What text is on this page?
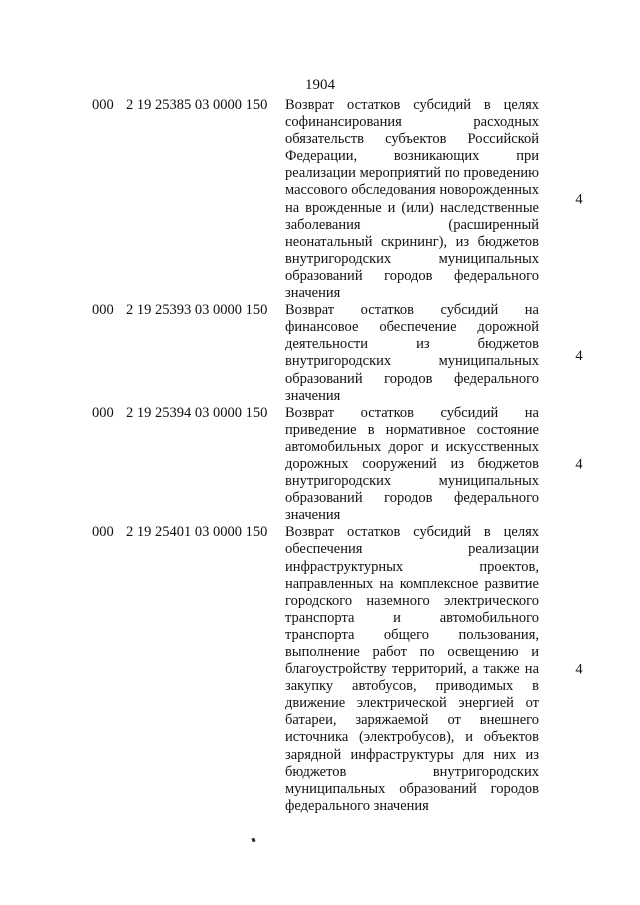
1904
000 2 19 25385 03 0000 150 Возврат остатков субсидий в целях софинансирования расходных обязательств субъектов Российской Федерации, возникающих при реализации мероприятий по проведению массового обследования новорожденных на врожденные и (или) наследственные заболевания (расширенный неонатальный скрининг), из бюджетов внутригородских муниципальных образований городов федерального значения
4
000 2 19 25393 03 0000 150 Возврат остатков субсидий на финансовое обеспечение дорожной деятельности из бюджетов внутригородских муниципальных образований городов федерального значения
4
000 2 19 25394 03 0000 150 Возврат остатков субсидий на приведение в нормативное состояние автомобильных дорог и искусственных дорожных сооружений из бюджетов внутригородских муниципальных образований городов федерального значения
4
000 2 19 25401 03 0000 150 Возврат остатков субсидий в целях обеспечения реализации инфраструктурных проектов, направленных на комплексное развитие городского наземного электрического транспорта и автомобильного транспорта общего пользования, выполнение работ по освещению и благоустройству территорий, а также на закупку автобусов, приводимых в движение электрической энергией от батареи, заряжаемой от внешнего источника (электробусов), и объектов зарядной инфраструктуры для них из бюджетов внутригородских муниципальных образований городов федерального значения
4
